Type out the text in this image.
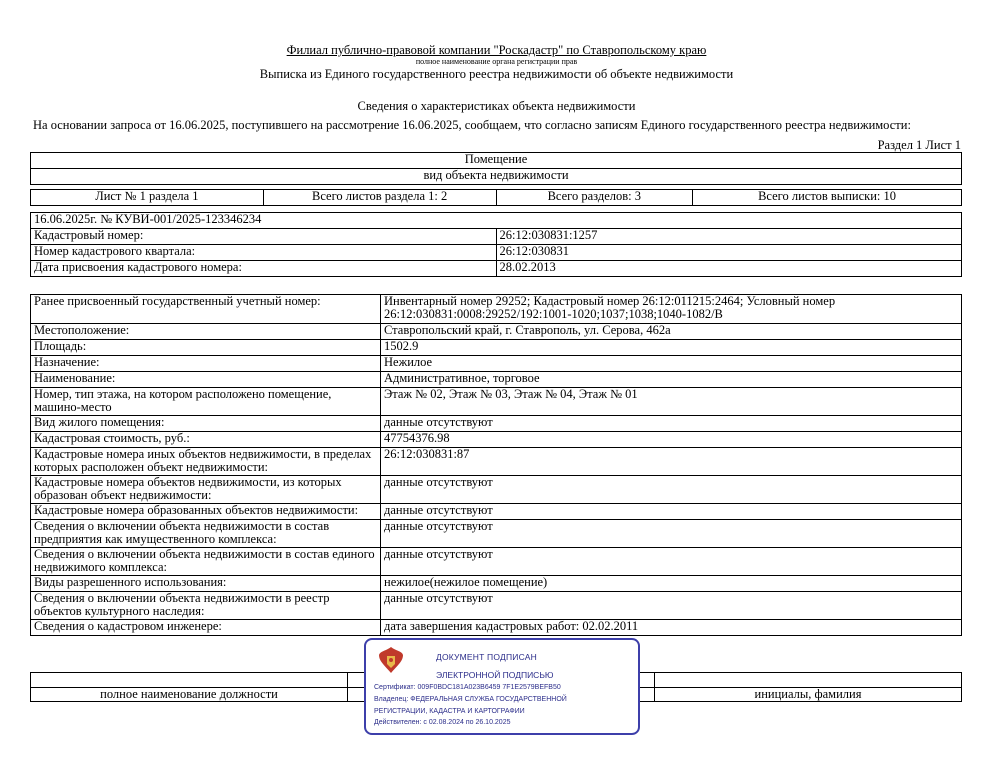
Филиал публично-правовой компании "Роскадастр" по Ставропольскому краю
полное наименование органа регистрации прав
Выписка из Единого государственного реестра недвижимости об объекте недвижимости
Сведения о характеристиках объекта недвижимости
На основании запроса от 16.06.2025, поступившего на рассмотрение 16.06.2025, сообщаем, что согласно записям Единого государственного реестра недвижимости:
Раздел 1 Лист 1
Помещение
вид объекта недвижимости
Лист № 1 раздела 1	Всего листов раздела 1: 2	Всего разделов: 3	Всего листов выписки: 10
16.06.2025г. № КУВИ-001/2025-123346234	
Кадастровый номер:	26:12:030831:1257
Номер кадастрового квартала:	26:12:030831
Дата присвоения кадастрового номера:	28.02.2013
Ранее присвоенный государственный учетный номер:	Инвентарный номер 29252; Кадастровый номер 26:12:011215:2464; Условный номер 26:12:030831:0008:29252/192:1001-1020;1037;1038;1040-1082/В
Местоположение:	Ставропольский край, г. Ставрополь, ул. Серова, 462а
Площадь:	1502.9
Назначение:	Нежилое
Наименование:	Административное, торговое
Номер, тип этажа, на котором расположено помещение, машино-место	Этаж № 02, Этаж № 03, Этаж № 04, Этаж № 01
Вид жилого помещения:	данные отсутствуют
Кадастровая стоимость, руб.:	47754376.98
Кадастровые номера иных объектов недвижимости, в пределах которых расположен объект недвижимости:	26:12:030831:87
Кадастровые номера объектов недвижимости, из которых образован объект недвижимости:	данные отсутствуют
Кадастровые номера образованных объектов недвижимости:	данные отсутствуют
Сведения о включении объекта недвижимости в состав предприятия как имущественного комплекса:	данные отсутствуют
Сведения о включении объекта недвижимости в состав единого недвижимого комплекса:	данные отсутствуют
Виды разрешенного использования:	нежилое(нежилое помещение)
Сведения о включении объекта недвижимости в реестр объектов культурного наследия:	данные отсутствуют
Сведения о кадастровом инженере:	дата завершения кадастровых работ: 02.02.2011

полное наименование должности		инициалы, фамилия
ДОКУМЕНТ ПОДПИСАН
ЭЛЕКТРОННОЙ ПОДПИСЬЮ
Сертификат: 009F0BDC181A023B6459 7F1E2579BEFB50
Владелец: ФЕДЕРАЛЬНАЯ СЛУЖБА ГОСУДАРСТВЕННОЙ
РЕГИСТРАЦИИ, КАДАСТРА И КАРТОГРАФИИ
Действителен: с 02.08.2024 по 26.10.2025
